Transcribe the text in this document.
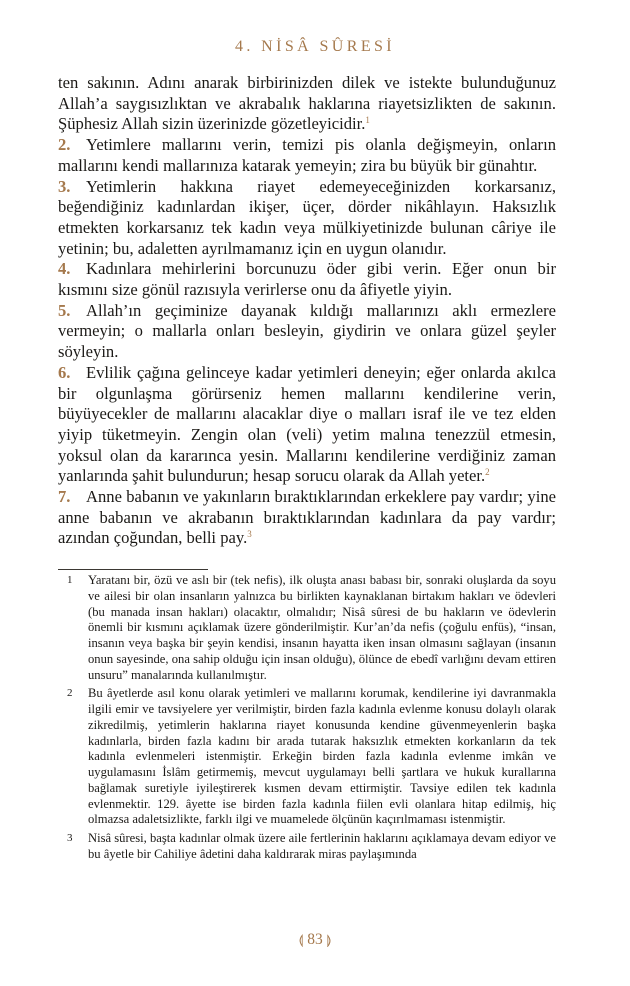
4. NİSÂ SÛRESİ

ten sakının. Adını anarak birbirinizden dilek ve istekte bulunduğunuz Allah’a saygısızlıktan ve akrabalık haklarına riayetsizlikten de sakının. Şüphesiz Allah sizin üzerinizde gözetleyicidir.$^1$

2. Yetimlere mallarını verin, temizi pis olanla değişmeyin, onların mallarını kendi mallarınıza katarak yemeyin; zira bu büyük bir günahtır.

3. Yetimlerin hakkına riayet edemeyeceğinizden korkarsanız, beğendiğiniz kadınlardan ikişer, üçer, dörder nikâhlayın. Haksızlık etmekten korkarsanız tek kadın veya mülkiyetinizde bulunan câriye ile yetinin; bu, adaletten ayrılmamanız için en uygun olanıdır.

4. Kadınlara mehirlerini borcunuzu öder gibi verin. Eğer onun bir kısmını size gönül razısıyla verirlerse onu da âfiyetle yiyin.

5. Allah’ın geçiminize dayanak kıldığı mallarınızı aklı ermezlere vermeyin; o mallarla onları besleyin, giydirin ve onlara güzel şeyler söyleyin.

6. Evlilik çağına gelinceye kadar yetimleri deneyin; eğer onlarda akılca bir olgunlaşma görürseniz hemen mallarını kendilerine verin, büyüyecekler de mallarını alacaklar diye o malları israf ile ve tez elden yiyip tüketmeyin. Zengin olan (veli) yetim malına tenezzül etmesin, yoksul olan da kararınca yesin. Mallarını kendilerine verdiğiniz zaman yanlarında şahit bulundurun; hesap sorucu olarak da Allah yeter.$^2$

7. Anne babanın ve yakınların bıraktıklarından erkeklere pay vardır; yine anne babanın ve akrabanın bıraktıklarından kadınlara da pay vardır; azından çoğundan, belli pay.$^3$

1 Yaratanı bir, özü ve aslı bir (tek nefis), ilk oluşta anası babası bir, sonraki oluşlarda da soyu ve ailesi bir olan insanların yalnızca bu birlikten kaynaklanan birtakım hakları ve ödevleri (bu manada insan hakları) olacaktır, olmalıdır; Nisâ sûresi de bu hakların ve ödevlerin önemli bir kısmını açıklamak üzere gönderilmiştir. Kur’an’da nefis (çoğulu enfüs), “insan, insanın veya başka bir şeyin kendisi, insanın hayatta iken insan olmasını sağlayan (insanın onun sayesinde, ona sahip olduğu için insan olduğu), ölünce de ebedî varlığını devam ettiren unsuru” manalarında kullanılmıştır.
2 Bu âyetlerde asıl konu olarak yetimleri ve mallarını korumak, kendilerine iyi davranmakla ilgili emir ve tavsiyelere yer verilmiştir, birden fazla kadınla evlenme konusu dolaylı olarak zikredilmiş, yetimlerin haklarına riayet konusunda kendine güvenmeyenlerin başka kadınlarla, birden fazla kadını bir arada tutarak haksızlık etmekten korkanların da tek kadınla evlenmeleri istenmiştir. Erkeğin birden fazla kadınla evlenme imkân ve uygulamasını İslâm getirmemiş, mevcut uygulamayı belli şartlara ve hukuk kurallarına bağlamak suretiyle iyileştirerek kısmen devam ettirmiştir. Tavsiye edilen tek kadınla evlenmektir. 129. âyette ise birden fazla kadınla fiilen evli olanlara hitap edilmiş, hiç olmazsa adaletsizlikte, farklı ilgi ve muamelede ölçünün kaçırılmaması istenmiştir.
3 Nisâ sûresi, başta kadınlar olmak üzere aile fertlerinin haklarını açıklamaya devam ediyor ve bu âyetle bir Cahiliye âdetini daha kaldırarak miras paylaşımında
⟬ 83 ⟭
